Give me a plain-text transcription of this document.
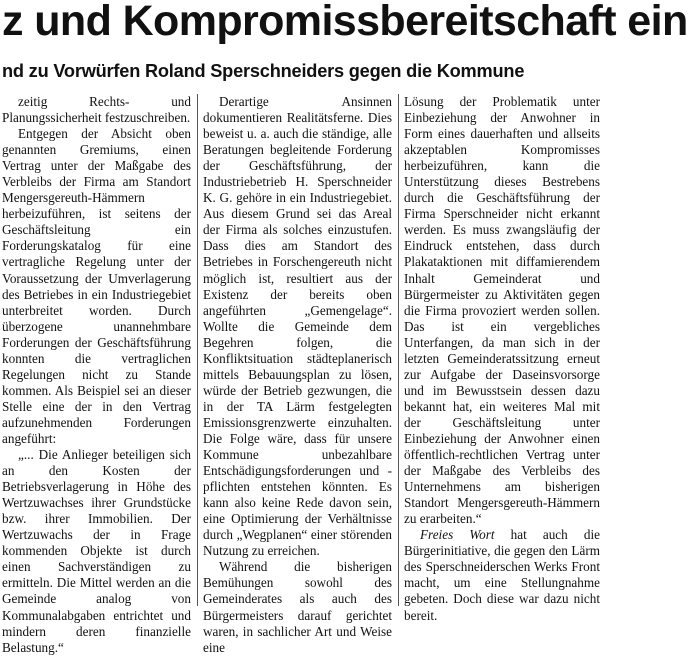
z und Kompromissbereitschaft ein
nd zu Vorwürfen Roland Sperschneiders gegen die Kommune

zeitig Rechts- und Planungssicherheit festzuschreiben.

Entgegen der Absicht oben genannten Gremiums, einen Vertrag unter der Maßgabe des Verbleibs der Firma am Standort Mengersgereuth-Hämmern herbeizuführen, ist seitens der Geschäftsleitung ein Forderungskatalog für eine vertragliche Regelung unter der Voraussetzung der Umverlagerung des Betriebes in ein Industriegebiet unterbreitet worden. Durch überzogene unannehmbare Forderungen der Geschäftsführung konnten die vertraglichen Regelungen nicht zu Stande kommen. Als Beispiel sei an dieser Stelle eine der in den Vertrag aufzunehmenden Forderungen angeführt:

„... Die Anlieger beteiligen sich an den Kosten der Betriebsverlagerung in Höhe des Wertzuwachses ihrer Grundstücke bzw. ihrer Immobilien. Der Wertzuwachs der in Frage kommenden Objekte ist durch einen Sachverständigen zu ermitteln. Die Mittel werden an die Gemeinde analog von Kommunalabgaben entrichtet und mindern deren finanzielle Belastung.“

Derartige Ansinnen dokumentieren Realitätsferne. Dies beweist u. a. auch die ständige, alle Beratungen begleitende Forderung der Geschäftsführung, der Industriebetrieb H. Sperschneider K. G. gehöre in ein Industriegebiet. Aus diesem Grund sei das Areal der Firma als solches einzustufen. Dass dies am Standort des Betriebes in Forschengereuth nicht möglich ist, resultiert aus der Existenz der bereits oben angeführten „Gemengelage“. Wollte die Gemeinde dem Begehren folgen, die Konfliktsituation städteplanerisch mittels Bebauungsplan zu lösen, würde der Betrieb gezwungen, die in der TA Lärm festgelegten Emissionsgrenzwerte einzuhalten. Die Folge wäre, dass für unsere Kommune unbezahlbare Entschädigungsforderungen und -pflichten entstehen könnten. Es kann also keine Rede davon sein, eine Optimierung der Verhältnisse durch „Wegplanen“ einer störenden Nutzung zu erreichen.

Während die bisherigen Bemühungen sowohl des Gemeinderates als auch des Bürgermeisters darauf gerichtet waren, in sachlicher Art und Weise eine

Lösung der Problematik unter Einbeziehung der Anwohner in Form eines dauerhaften und allseits akzeptablen Kompromisses herbeizuführen, kann die Unterstützung dieses Bestrebens durch die Geschäftsführung der Firma Sperschneider nicht erkannt werden. Es muss zwangsläufig der Eindruck entstehen, dass durch Plakataktionen mit diffamierendem Inhalt Gemeinderat und Bürgermeister zu Aktivitäten gegen die Firma provoziert werden sollen. Das ist ein vergebliches Unterfangen, da man sich in der letzten Gemeinderatssitzung erneut zur Aufgabe der Daseinsvorsorge und im Bewusstsein dessen dazu bekannt hat, ein weiteres Mal mit der Geschäftsleitung unter Einbeziehung der Anwohner einen öffentlich-rechtlichen Vertrag unter der Maßgabe des Verbleibs des Unternehmens am bisherigen Standort Mengersgereuth-Hämmern zu erarbeiten.“

Freies Wort hat auch die Bürgerinitiative, die gegen den Lärm des Sperschneiderschen Werks Front macht, um eine Stellungnahme gebeten. Doch diese war dazu nicht bereit.
